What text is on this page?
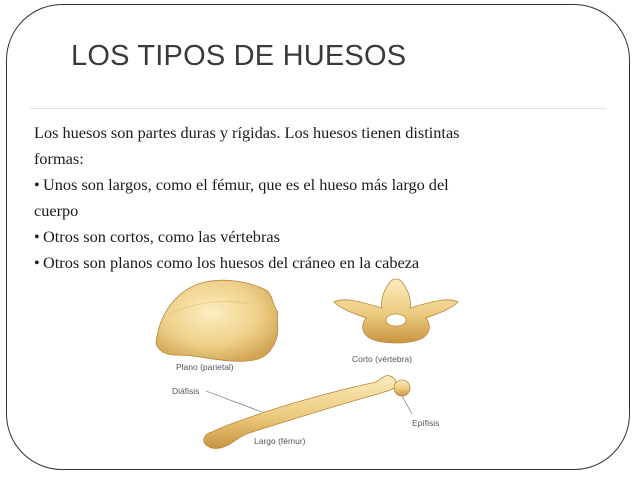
LOS TIPOS DE HUESOS

Los huesos son partes duras y rígidas. Los huesos tienen distintas
formas:

• Unos son largos, como el fémur, que es el hueso más largo del
cuerpo

• Otros son cortos, como las vértebras

• Otros son planos como los huesos del cráneo en la cabeza

Plano (parietal)
Corto (vértebra)
Diáfisis
Epífisis
Largo (fémur)
